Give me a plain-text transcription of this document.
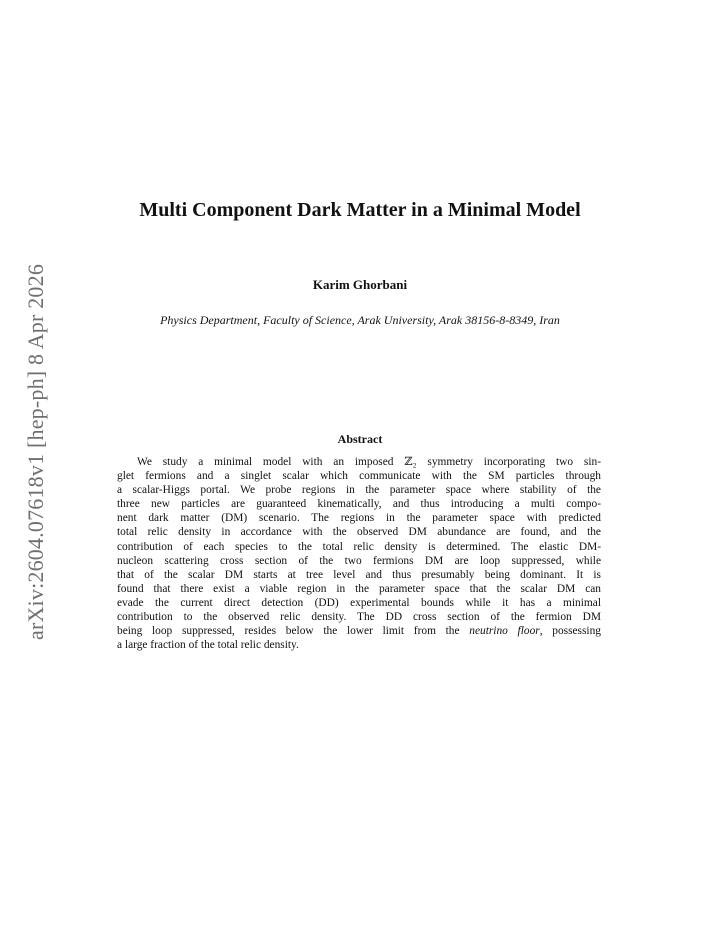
arXiv:2604.07618v1 [hep-ph] 8 Apr 2026
Multi Component Dark Matter in a Minimal Model
Karim Ghorbani
Physics Department, Faculty of Science, Arak University, Arak 38156-8-8349, Iran
Abstract
We study a minimal model with an imposed ℤ₂ symmetry incorporating two sin-
glet fermions and a singlet scalar which communicate with the SM particles through
a scalar-Higgs portal. We probe regions in the parameter space where stability of the
three new particles are guaranteed kinematically, and thus introducing a multi compo-
nent dark matter (DM) scenario. The regions in the parameter space with predicted
total relic density in accordance with the observed DM abundance are found, and the
contribution of each species to the total relic density is determined. The elastic DM-
nucleon scattering cross section of the two fermions DM are loop suppressed, while
that of the scalar DM starts at tree level and thus presumably being dominant. It is
found that there exist a viable region in the parameter space that the scalar DM can
evade the current direct detection (DD) experimental bounds while it has a minimal
contribution to the observed relic density. The DD cross section of the fermion DM
being loop suppressed, resides below the lower limit from the neutrino floor, possessing
a large fraction of the total relic density.
